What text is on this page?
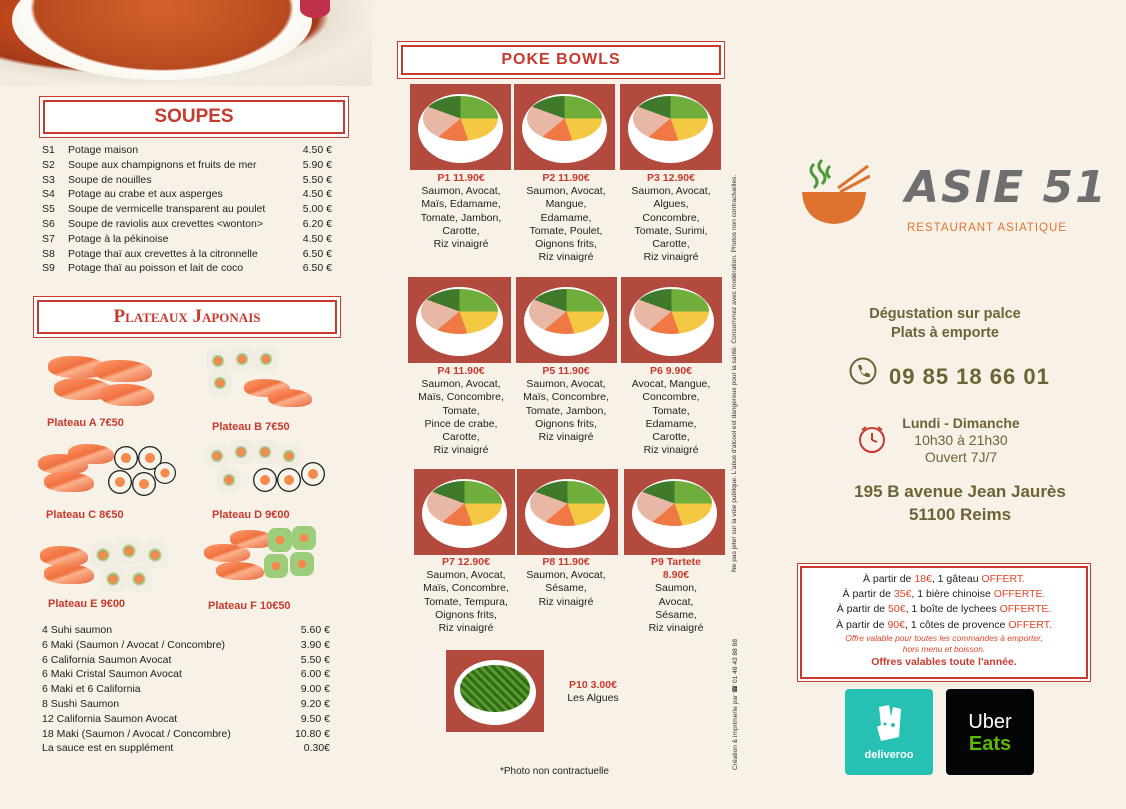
SOUPES
S1	Potage maison	4.50 €
S2	Soupe aux champignons et fruits de mer	5.90 €
S3	Soupe de nouilles	5.50 €
S4	Potage au crabe et aux asperges	4.50 €
S5	Soupe de vermicelle transparent au poulet	5.00 €
S6	Soupe de raviolis aux crevettes <wonton>	6.20 €
S7	Potage à la pékinoise	4.50 €
S8	Potage thaï aux crevettes à la citronnelle	6.50 €
S9	Potage thaï au poisson et lait de coco	6.50 €
Plateaux Japonais
Plateau A 7€50	Plateau B 7€50
Plateau C 8€50	Plateau D 9€00
Plateau E 9€00	Plateau F 10€50
4 Suhi saumon	5.60 €
6 Maki (Saumon / Avocat / Concombre)	3.90 €
6 California Saumon Avocat	5.50 €
6 Maki Cristal Saumon Avocat	6.00 €
6 Maki et 6 California	9.00 €
8 Sushi Saumon	9.20 €
12 California Saumon Avocat	9.50 €
18 Maki (Saumon / Avocat / Concombre)	10.80 €
La sauce est en supplément	0.30€
POKE BOWLS
P1 11.90€
Saumon, Avocat,
Maïs, Edamame,
Tomate, Jambon,
Carotte,
Riz vinaigré
P2 11.90€
Saumon, Avocat,
Mangue,
Edamame,
Tomate, Poulet,
Oignons frits,
Riz vinaigré
P3 12.90€
Saumon, Avocat,
Algues,
Concombre,
Tomate, Surimi,
Carotte,
Riz vinaigré
P4 11.90€
Saumon, Avocat,
Maïs, Concombre,
Tomate,
Pince de crabe,
Carotte,
Riz vinaigré
P5 11.90€
Saumon, Avocat,
Maïs, Concombre,
Tomate, Jambon,
Oignons frits,
Riz vinaigré
P6 9.90€
Avocat, Mangue,
Concombre,
Tomate,
Edamame,
Carotte,
Riz vinaigré
P7 12.90€
Saumon, Avocat,
Maïs, Concombre,
Tomate, Tempura,
Oignons frits,
Riz vinaigré
P8 11.90€
Saumon, Avocat,
Sésame,
Riz vinaigré
P9 Tartete
8.90€
Saumon,
Avocat,
Sésame,
Riz vinaigré
P10 3.00€
Les Algues
*Photo non contractuelle
Ne pas jeter sur la voie publique. L'abus d'alcool est dangereux pour la santé. Consommez avec modération. Photos non contractuelles.
Création & imprimerie par ☎ 01 48 43 88 88
ASIE 51
RESTAURANT ASIATIQUE
Dégustation sur palce
Plats à emporte
09 85 18 66 01
Lundi - Dimanche
10h30 à 21h30
Ouvert 7J/7
195 B avenue Jean Jaurès
51100 Reims
À partir de 18€, 1 gâteau OFFERT.
À partir de 35€, 1 bière chinoise OFFERTE.
À partir de 50€, 1 boîte de lychees OFFERTE.
À partir de 90€, 1 côtes de provence OFFERT.
Offre valable pour toutes les commandes à emporter,
hors menu et boisson.
Offres valables toute l'année.
deliveroo
Uber
Eats
